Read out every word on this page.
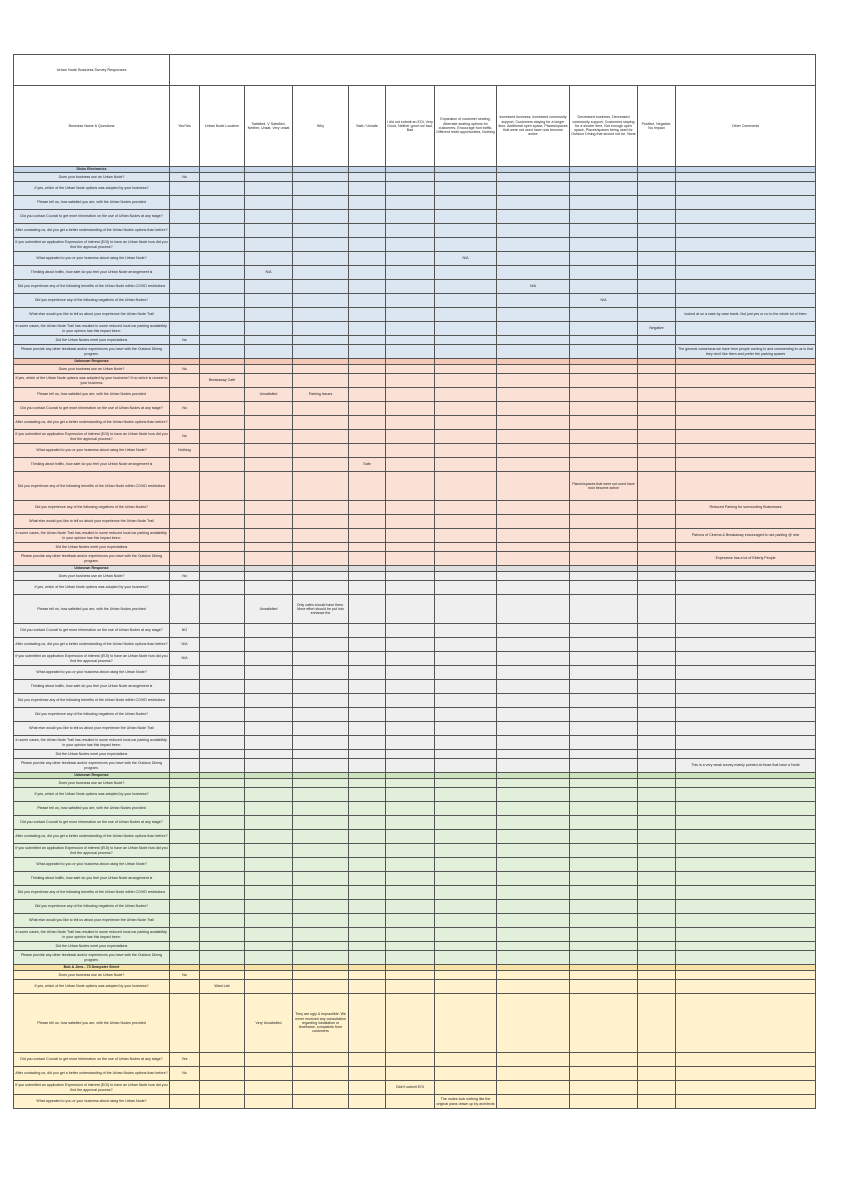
Urban Node Business Survey Responses											
Business Name & Questions	Yes/Yes	Urban Node Location	Satisfied, V Satisfied, Neither, Unsat, Very unsat	Why	Safe / Unsafe	I did not submit an EOI, Very Good, Neither good nor bad, Bad	Expansion of customer seating, Alternate seating options for customers, Encourage foot traffic, Different retail opportunities, Nothing	Increased business, Increased community support, Customers staying for a longer time, Additional open space, Places/spaces that were not used have now become active	Decreased business, Decreased community support, Customers staying for a shorter time, Not enough open space, Places/spaces being used for Outdoor Dining that should not be, None	Positive, Negative, No Impact	Other Comments
Dicks Electronics											
Does your business use an Urban Node?	No										
If yes, which of the Urban Node options was adopted by your business?											
Please tell us, how satisfied you are, with the Urban Nodes provided											
Did you contact Council to get more information on the use of Urban Nodes at any stage?											
After contacting us, did you get a better understanding of the Urban Nodes options than before?											
If you submitted an application Expression of Interest (EOI) to have an Urban Node how did you find the approval process?											
What appealed to you or your business about using the Urban Node?							N/A				
Thinking about traffic, how safe do you feel your Urban Node arrangement is			N/A								
Did you experience any of the following benefits of the Urban Node within COVID restrictions								N/A			
Did you experience any of the following negatives of the Urban Nodes?									N/A		
What else would you like to tell us about your experience the Urban Node Trail											looked at on a case by case basis. Not just yes or no to the whole lot of them
In some cases, the Urban Node Trail has resulted in some reduced local car parking availability. In your opinion has this impact been:										Negative	
Did the Urban Nodes meet your expectations	No										
Please provide any other feedback and/or experiences you have with the Outdoor Dining program.											The general consensus we have from people coming in and commenting to us is that they don't like them and prefer the parking spaces
Unknown Response											
Does your business use an Urban Node?	No										
If yes, which of the Urban Node options was adopted by your business? If no which is closest to your business		Breakaway Café									
Please tell us, how satisfied you are, with the Urban Nodes provided			Unsatisfied	Parking Issues							
Did you contact Council to get more information on the use of Urban Nodes at any stage?	No										
After contacting us, did you get a better understanding of the Urban Nodes options than before?											
If you submitted an application Expression of Interest (EOI) to have an Urban Node how did you find the approval process?	No										
What appealed to you or your business about using the Urban Node?	Nothing										
Thinking about traffic, how safe do you feel your Urban Node arrangement is					Safe						
Did you experience any of the following benefits of the Urban Node within COVID restrictions									Places/spaces that were not used have now become active		
Did you experience any of the following negatives of the Urban Nodes?											Reduced Parking for surrounding Businesses
What else would you like to tell us about your experience the Urban Node Trail											
In some cases, the Urban Node Trail has resulted in some reduced local car parking availability. In your opinion has this impact been:											Patrons of Cinema & Breakaway encouraged to use parking @ rear
Did the Urban Nodes meet your expectations											
Please provide any other feedback and/or experiences you have with the Outdoor Dining program.											Experance has a lot of Elderly People
Unknown Response											
Does your business use an Urban Node?	No										
If yes, which of the Urban Node options was adopted by your business?											
Please tell us, how satisfied you are, with the Urban Nodes provided			Unsatisfied	Only cafes should have them. More effort should be put into enhance the							
Did you contact Council to get more information on the use of Urban Nodes at any stage?	NO										
After contacting us, did you get a better understanding of the Urban Nodes options than before?	N/A										
If you submitted an application Expression of Interest (EOI) to have an Urban Node how did you find the approval process?	N/A										
What appealed to you or your business about using the Urban Node?											
Thinking about traffic, how safe do you feel your Urban Node arrangement is											
Did you experience any of the following benefits of the Urban Node within COVID restrictions											
Did you experience any of the following negatives of the Urban Nodes?											
What else would you like to tell us about your experience the Urban Node Trail											
In some cases, the Urban Node Trail has resulted in some reduced local car parking availability. In your opinion has this impact been:											
Did the Urban Nodes meet your expectations											
Please provide any other feedback and/or experiences you have with the Outdoor Dining program.											This is a very weak survey mainly pointed at those that have a Node
Unknown Response											
Does your business use an Urban Node?											
If yes, which of the Urban Node options was adopted by your business?											
Please tell us, how satisfied you are, with the Urban Nodes provided											
Did you contact Council to get more information on the use of Urban Nodes at any stage?											
After contacting us, did you get a better understanding of the Urban Nodes options than before?											
If you submitted an application Expression of Interest (EOI) to have an Urban Node how did you find the approval process?											
What appealed to you or your business about using the Urban Node?											
Thinking about traffic, how safe do you feel your Urban Node arrangement is											
Did you experience any of the following benefits of the Urban Node within COVID restrictions											
Did you experience any of the following negatives of the Urban Nodes?											
What else would you like to tell us about your experience the Urban Node Trail											
In some cases, the Urban Node Trail has resulted in some reduced local car parking availability. In your opinion has this impact been:											
Did the Urban Nodes meet your expectations											
Please provide any other feedback and/or experiences you have with the Outdoor Dining program.											
Bob & Jims - 73 Dempster Street											
Does your business use an Urban Node?	No										
If yes, which of the Urban Node options was adopted by your business?		Want Lab									
Please tell us, how satisfied you are, with the Urban Nodes provided			Very Unsatisfied	They are ugly & impractible. We never received any consultation regarding installation or timeframe, complaints from customers							
Did you contact Council to get more information on the use of Urban Nodes at any stage?	Yes										
After contacting us, did you get a better understanding of the Urban Nodes options than before?	No										
If you submitted an application Expression of Interest (EOI) to have an Urban Node how did you find the approval process?						Didn't submit EOI					
What appealed to you or your business about using the Urban Node?							The nodes look nothing like the original plans drawn up by architects				
